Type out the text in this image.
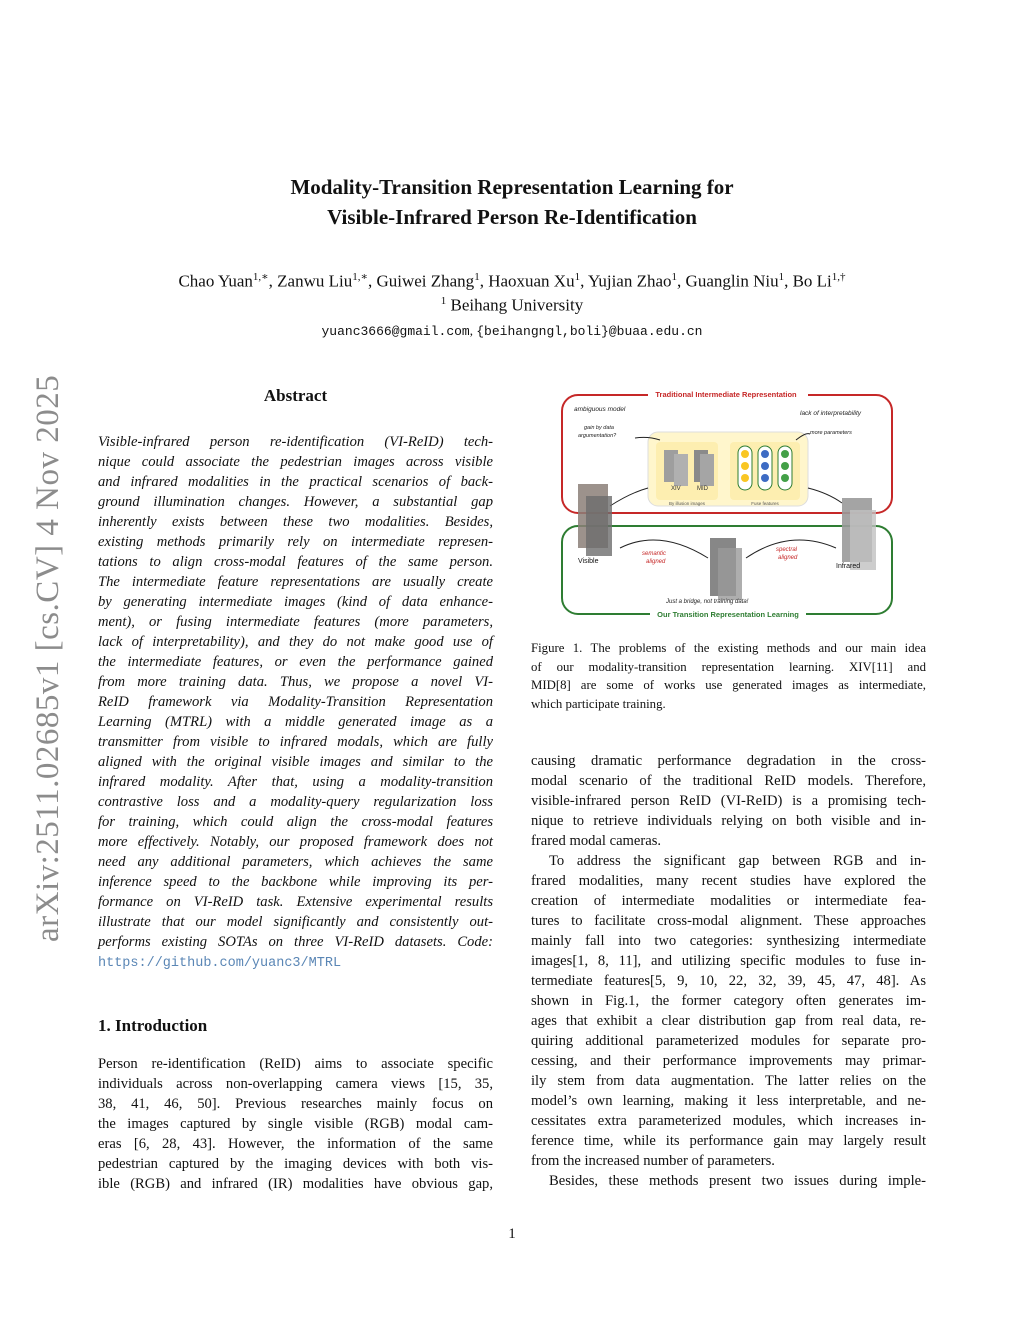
arXiv:2511.02685v1 [cs.CV] 4 Nov 2025
Modality-Transition Representation Learning for
Visible-Infrared Person Re-Identification
Chao Yuan$^{1,∗}$, Zanwu Liu$^{1,∗}$, Guiwei Zhang$^1$, Haoxuan Xu$^1$, Yujian Zhao$^1$, Guanglin Niu$^1$, Bo $Li^{1,\dagger}$
$^1$ Beihang University
yuanc3666@gmail.com, {beihangngl,boli}@buaa.edu.cn
Abstract
Visible-infrared person re-identification (VI-ReID) tech-
nique could associate the pedestrian images across visible
and infrared modalities in the practical scenarios of back-
ground illumination changes. However, a substantial gap
inherently exists between these two modalities. Besides,
existing methods primarily rely on intermediate represen-
tations to align cross-modal features of the same person.
The intermediate feature representations are usually create
by generating intermediate images (kind of data enhance-
ment), or fusing intermediate features (more parameters,
lack of interpretability), and they do not make good use of
the intermediate features, or even the performance gained
from more training data. Thus, we propose a novel VI-
ReID framework via Modality-Transition Representation
Learning (MTRL) with a middle generated image as a
transmitter from visible to infrared modals, which are fully
aligned with the original visible images and similar to the
infrared modality. After that, using a modality-transition
contrastive loss and a modality-query regularization loss
for training, which could align the cross-modal features
more effectively. Notably, our proposed framework does not
need any additional parameters, which achieves the same
inference speed to the backbone while improving its per-
formance on VI-ReID task. Extensive experimental results
illustrate that our model significantly and consistently out-
performs existing SOTAs on three VI-ReID datasets. Code:
https://github.com/yuanc3/MTRL
1. Introduction
Person re-identification (ReID) aims to associate specific
individuals across non-overlapping camera views [15, 35,
38, 41, 46, 50]. Previous researches mainly focus on
the images captured by single visible (RGB) modal cam-
eras [6, 28, 43]. However, the information of the same
pedestrian captured by the imaging devices with both vis-
ible (RGB) and infrared (IR) modalities have obvious gap,
Traditional Intermediate Representation
Our Transition Representation Learning
XIV	MID
By illusion images	Fuse features
ambiguous model
gain by data
argumentation?
lack of interpretability
more parameters
Visible
Infrared
semantic
aligned
spectral
aligned
Just a bridge, not training data!
Figure 1. The problems of the existing methods and our main idea
of our modality-transition representation learning. XIV[11] and
MID[8] are some of works use generated images as intermediate,
which participate training.
causing dramatic performance degradation in the cross-
modal scenario of the traditional ReID models. Therefore,
visible-infrared person ReID (VI-ReID) is a promising tech-
nique to retrieve individuals relying on both visible and in-
frared modal cameras.
To address the significant gap between RGB and in-
frared modalities, many recent studies have explored the
creation of intermediate modalities or intermediate fea-
tures to facilitate cross-modal alignment. These approaches
mainly fall into two categories: synthesizing intermediate
images[1, 8, 11], and utilizing specific modules to fuse in-
termediate features[5, 9, 10, 22, 32, 39, 45, 47, 48]. As
shown in Fig.1, the former category often generates im-
ages that exhibit a clear distribution gap from real data, re-
quiring additional parameterized modules for separate pro-
cessing, and their performance improvements may primar-
ily stem from data augmentation. The latter relies on the
model’s own learning, making it less interpretable, and ne-
cessitates extra parameterized modules, which increases in-
ference time, while its performance gain may largely result
from the increased number of parameters.
Besides, these methods present two issues during imple-
1
